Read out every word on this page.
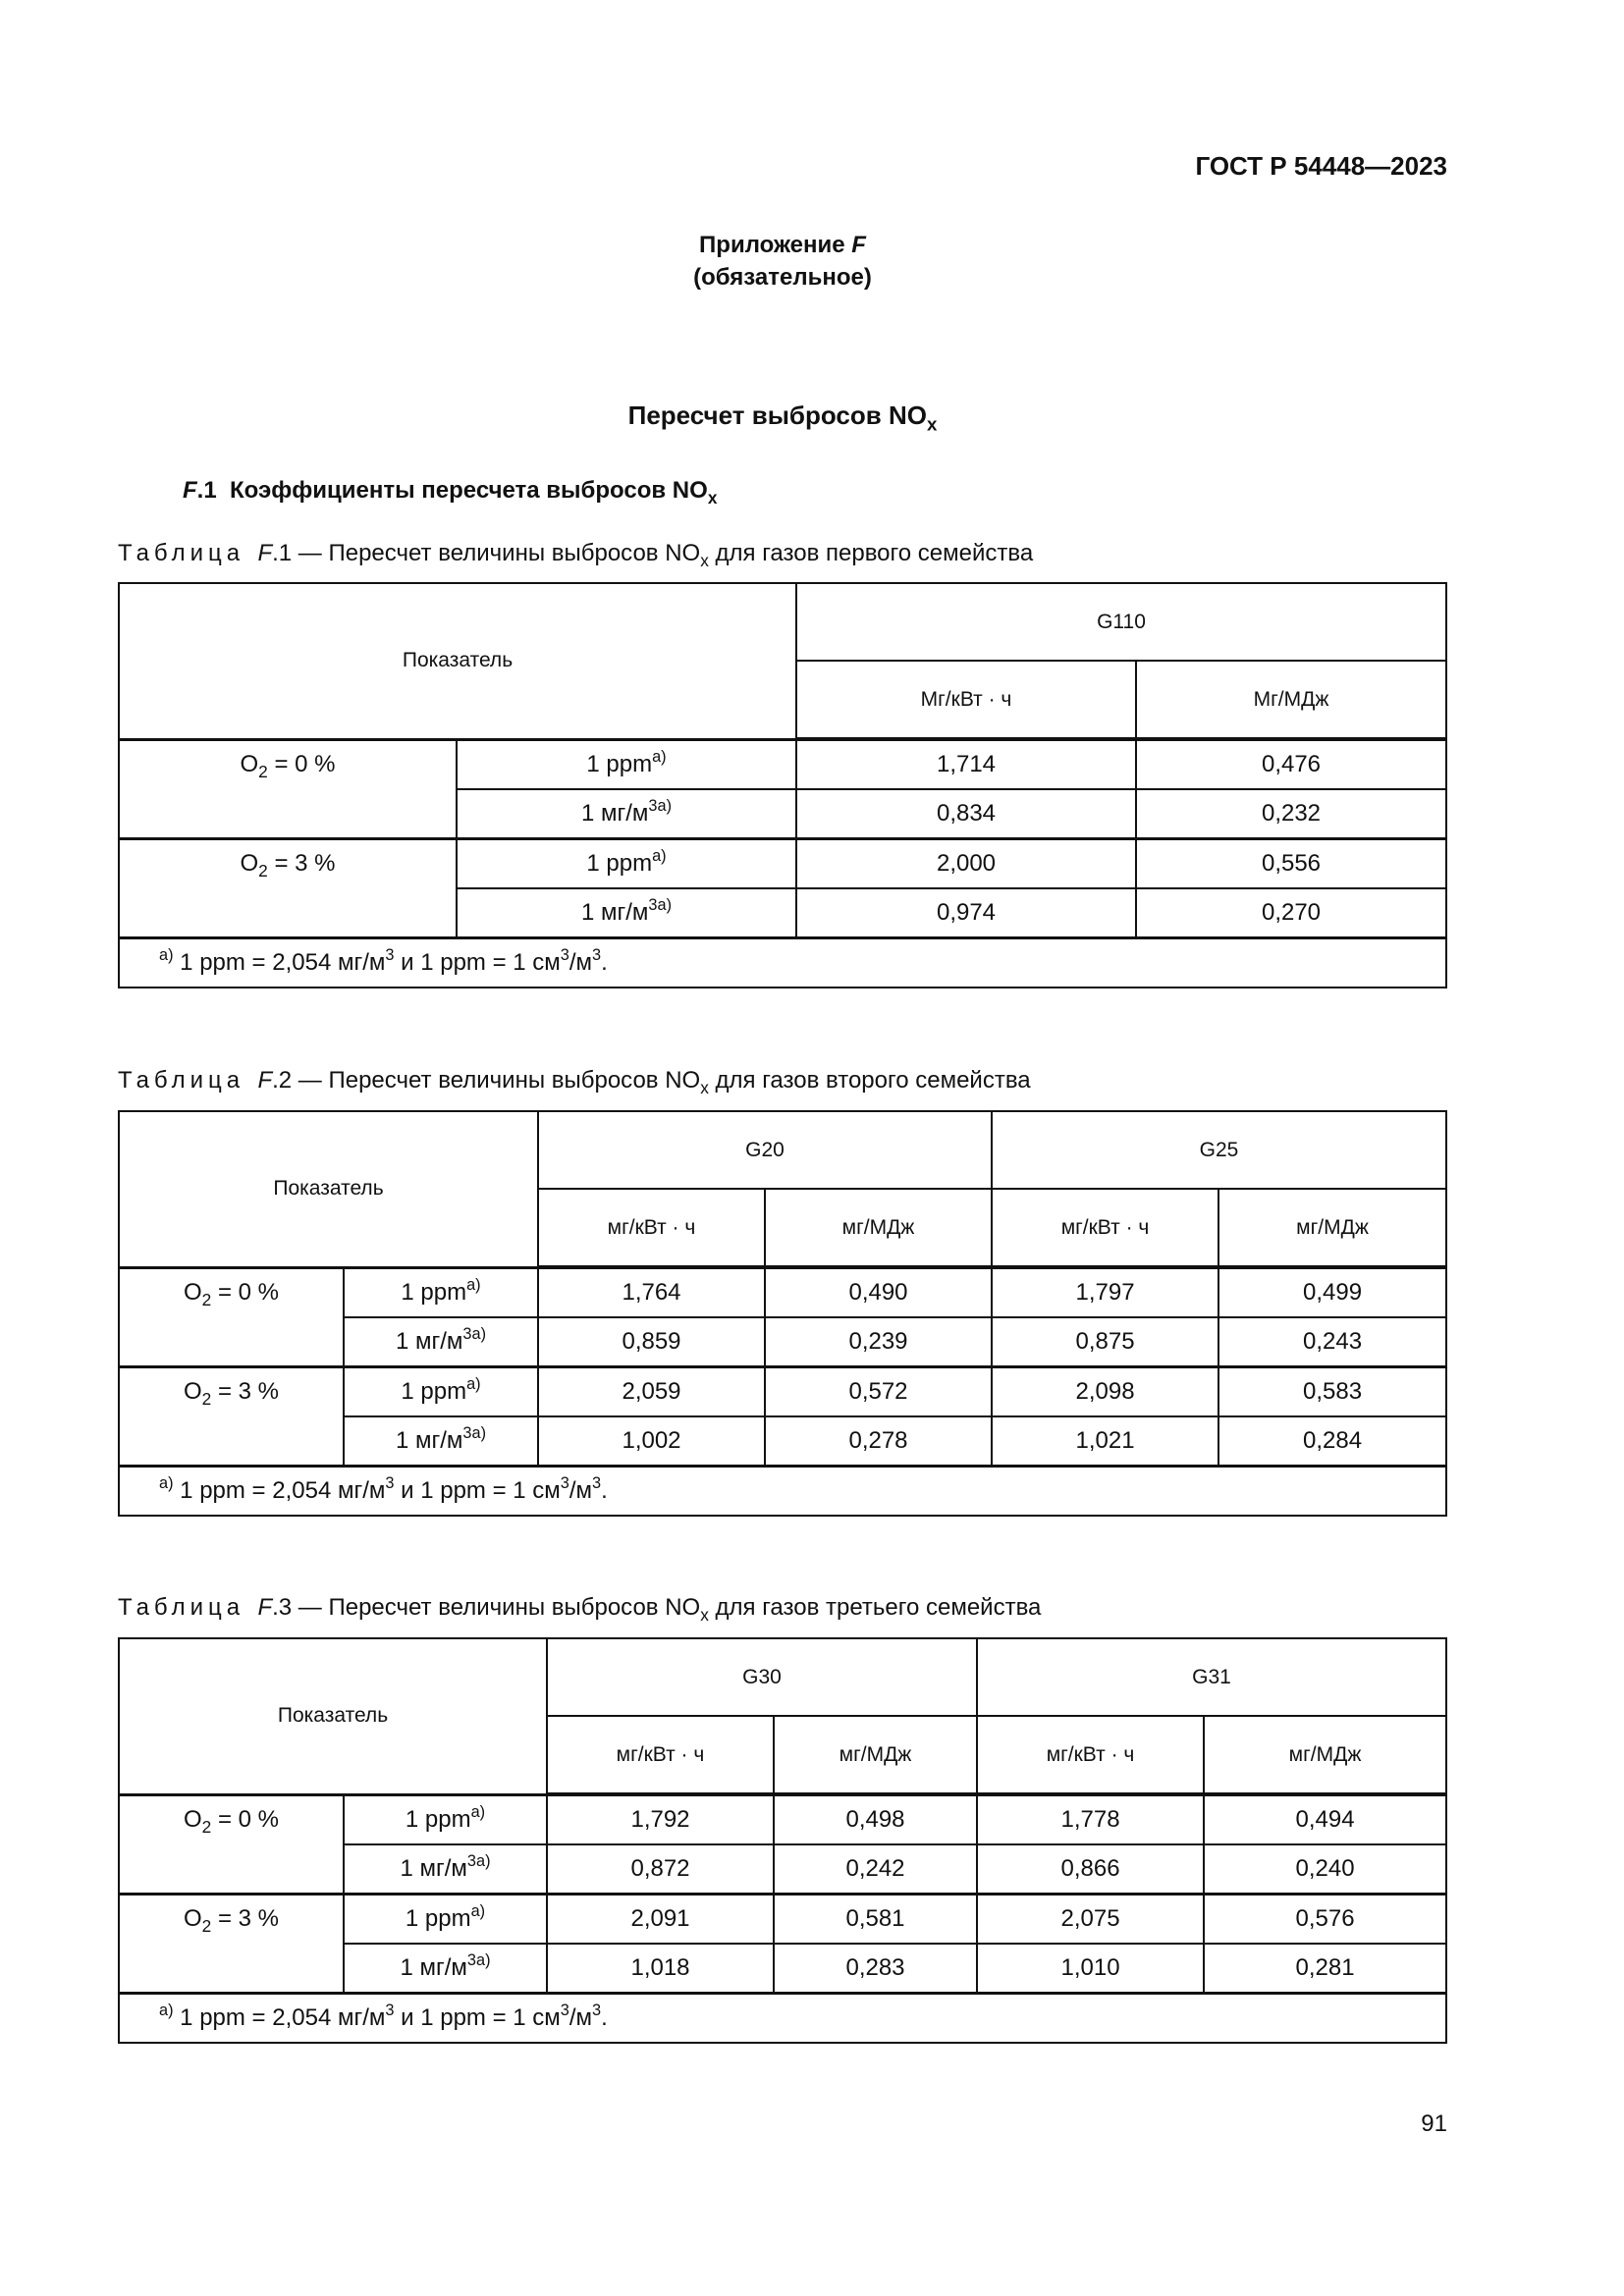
ГОСТ Р 54448—2023
Приложение F
(обязательное)
Пересчет выбросов $NO_x$
F.1 Коэффициенты пересчета выбросов $NO_x$
Таблица F.1 — Пересчет величины выбросов $NO_x$ для газов первого семейства
Показатель		G110	
		Мг/кВт · ч	Мг/МДж
$O_2 = 0$ %	1 ppm$^{a)}$	1,714	0,476
	1 $мг/м^{3а)}$	0,834	0,232
$O_2 = 3$ %	1 ppm$^{a)}$	2,000	0,556
	1 $мг/м^{3а)}$	0,974	0,270
$^{а)}$ 1 ppm = 2,054 $мг/м^3$ и 1 ppm = 1 $см^3/м^3$.			
Таблица F.2 — Пересчет величины выбросов $NO_x$ для газов второго семейства
Показатель		G20		G25	
		мг/кВт · ч	мг/МДж	мг/кВт · ч	мг/МДж
$O_2 = 0$ %	1 ppm$^{a)}$	1,764	0,490	1,797	0,499
	1 $мг/м^{3а)}$	0,859	0,239	0,875	0,243
$O_2 = 3$ %	1 ppm$^{a)}$	2,059	0,572	2,098	0,583
	1 $мг/м^{3а)}$	1,002	0,278	1,021	0,284
$^{а)}$ 1 ppm = 2,054 $мг/м^3$ и 1 ppm = 1 $см^3/м^3$.					
Таблица F.3 — Пересчет величины выбросов $NO_x$ для газов третьего семейства
Показатель		G30		G31	
		мг/кВт · ч	мг/МДж	мг/кВт · ч	мг/МДж
$O_2 = 0$ %	1 ppm$^{a)}$	1,792	0,498	1,778	0,494
	1 $мг/м^{3а)}$	0,872	0,242	0,866	0,240
$O_2 = 3$ %	1 ppm$^{a)}$	2,091	0,581	2,075	0,576
	1 $мг/м^{3а)}$	1,018	0,283	1,010	0,281
$^{а)}$ 1 ppm = 2,054 $мг/м^3$ и 1 ppm = 1 $см^3/м^3$.					
91
